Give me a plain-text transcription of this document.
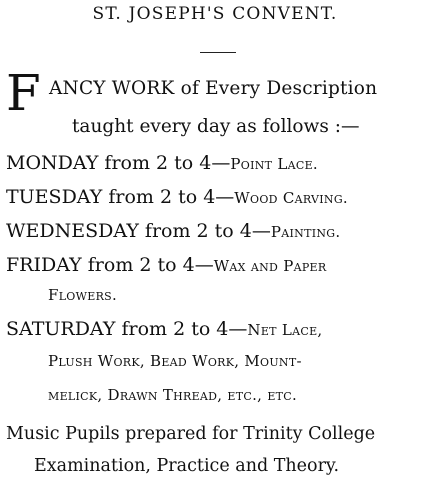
ST. JOSEPH'S CONVENT.
F ANCY WORK of Every Description
taught every day as follows :—
MONDAY from 2 to 4—Point Lace.
TUESDAY from 2 to 4—Wood Carving.
WEDNESDAY from 2 to 4—Painting.
FRIDAY from 2 to 4—Wax and Paper
Flowers.
SATURDAY from 2 to 4—Net Lace,
Plush Work, Bead Work, Mount-
melick, Drawn Thread, etc., etc.
Music Pupils prepared for Trinity College
Examination, Practice and Theory.
